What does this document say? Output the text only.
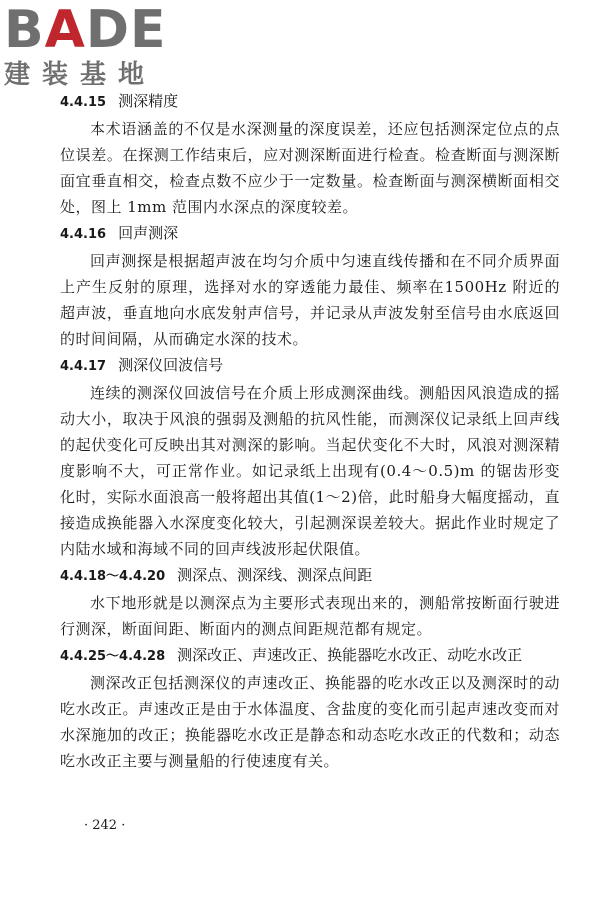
BADE
建装基地
4.4.15 测深精度

本术语涵盖的不仅是水深测量的深度误差，还应包括测深定位点的点位误差。在探测工作结束后，应对测深断面进行检查。检查断面与测深断面宜垂直相交，检查点数不应少于一定数量。检查断面与测深横断面相交处，图上 1mm 范围内水深点的深度较差。

4.4.16 回声测深

回声测探是根据超声波在均匀介质中匀速直线传播和在不同介质界面上产生反射的原理，选择对水的穿透能力最佳、频率在1500Hz 附近的超声波，垂直地向水底发射声信号，并记录从声波发射至信号由水底返回的时间间隔，从而确定水深的技术。

4.4.17 测深仪回波信号

连续的测深仪回波信号在介质上形成测深曲线。测船因风浪造成的摇动大小，取决于风浪的强弱及测船的抗风性能，而测深仪记录纸上回声线的起伏变化可反映出其对测深的影响。当起伏变化不大时，风浪对测深精度影响不大，可正常作业。如记录纸上出现有(0.4～0.5)m 的锯齿形变化时，实际水面浪高一般将超出其值(1～2)倍，此时船身大幅度摇动，直接造成换能器入水深度变化较大，引起测深误差较大。据此作业时规定了内陆水域和海域不同的回声线波形起伏限值。

4.4.18～4.4.20 测深点、测深线、测深点间距

水下地形就是以测深点为主要形式表现出来的，测船常按断面行驶进行测深，断面间距、断面内的测点间距规范都有规定。

4.4.25～4.4.28 测深改正、声速改正、换能器吃水改正、动吃水改正

测深改正包括测深仪的声速改正、换能器的吃水改正以及测深时的动吃水改正。声速改正是由于水体温度、含盐度的变化而引起声速改变而对水深施加的改正；换能器吃水改正是静态和动态吃水改正的代数和；动态吃水改正主要与测量船的行使速度有关。

· 242 ·
